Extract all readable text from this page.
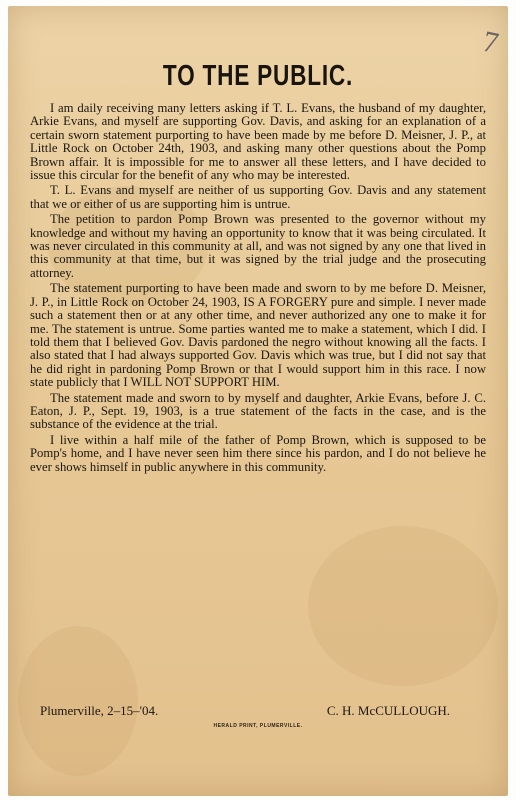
7
TO THE PUBLIC.

I am daily receiving many letters asking if T. L. Evans, the husband of my daughter, Arkie Evans, and myself are supporting Gov. Davis, and asking for an explanation of a certain sworn statement purporting to have been made by me before D. Meisner, J. P., at Little Rock on October 24th, 1903, and asking many other questions about the Pomp Brown affair. It is impossible for me to answer all these letters, and I have decided to issue this circular for the benefit of any who may be interested.

T. L. Evans and myself are neither of us supporting Gov. Davis and any statement that we or either of us are supporting him is untrue.

The petition to pardon Pomp Brown was presented to the governor without my knowledge and without my having an opportunity to know that it was being circulated. It was never circulated in this community at all, and was not signed by any one that lived in this community at that time, but it was signed by the trial judge and the prosecuting attorney.

The statement purporting to have been made and sworn to by me before D. Meisner, J. P., in Little Rock on October 24, 1903, IS A FORGERY pure and simple. I never made such a statement then or at any other time, and never authorized any one to make it for me. The statement is untrue. Some parties wanted me to make a statement, which I did. I told them that I believed Gov. Davis pardoned the negro without knowing all the facts. I also stated that I had always supported Gov. Davis which was true, but I did not say that he did right in pardoning Pomp Brown or that I would support him in this race. I now state publicly that I WILL NOT SUPPORT HIM.

The statement made and sworn to by myself and daughter, Arkie Evans, before J. C. Eaton, J. P., Sept. 19, 1903, is a true statement of the facts in the case, and is the substance of the evidence at the trial.

I live within a half mile of the father of Pomp Brown, which is supposed to be Pomp's home, and I have never seen him there since his pardon, and I do not believe he ever shows himself in public anywhere in this community.

Plumerville, 2–15–'04.	C. H. McCULLOUGH.
HERALD PRINT, PLUMERVILLE.
